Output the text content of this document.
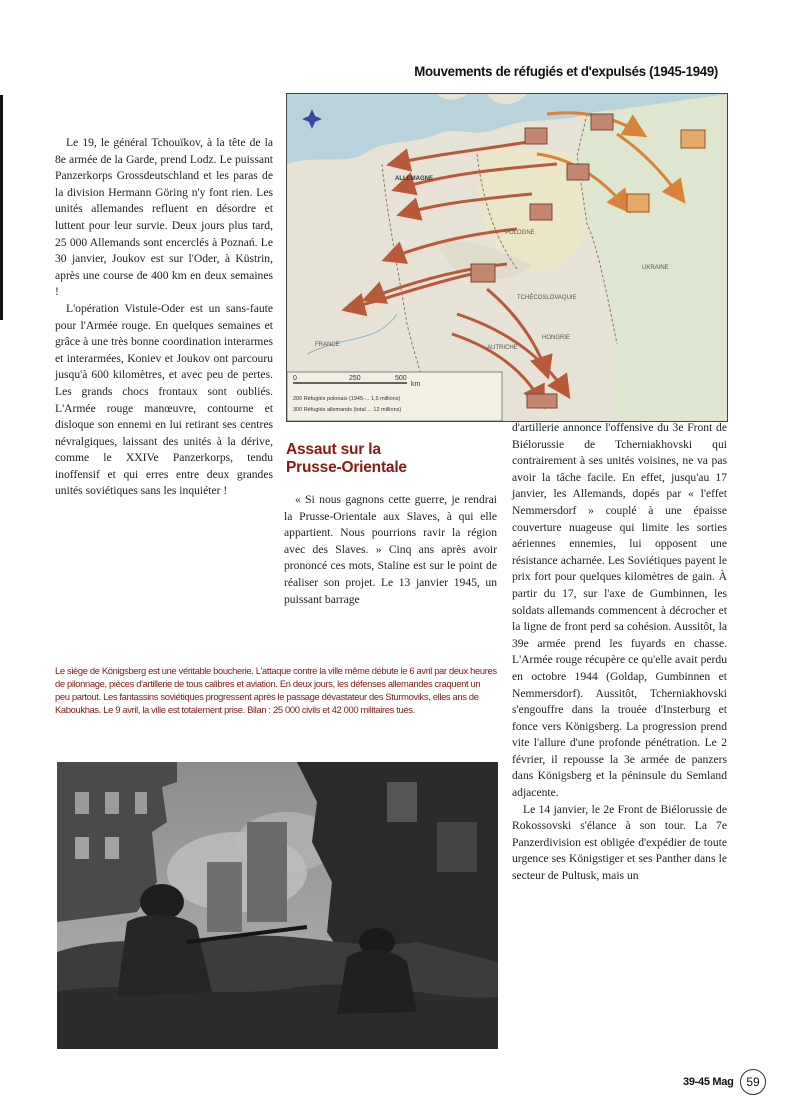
Mouvements de réfugiés et d'expulsés (1945-1949)
0	250	500
km
200 Réfugiés polonais (1945-... 1,5 millions)
300 Réfugiés allemands (total ... 12 millions)
ALLEMAGNE
POLOGNE
UKRAINE
TCHÉCOSLOVAQUIE
AUTRICHE
HONGRIE
FRANCE

Le 19, le général Tchouïkov, à la tête de la 8e armée de la Garde, prend Lodz. Le puissant Panzerkorps Grossdeutschland et les paras de la division Hermann Göring n'y font rien. Les unités allemandes refluent en désordre et luttent pour leur survie. Deux jours plus tard, 25 000 Allemands sont encerclés à Poznań. Le 30 janvier, Joukov est sur l'Oder, à Küstrin, après une course de 400 km en deux semaines !

L'opération Vistule-Oder est un sans-faute pour l'Armée rouge. En quelques semaines et grâce à une très bonne coordination interarmes et interarmées, Koniev et Joukov ont parcouru jusqu'à 600 kilomètres, et avec peu de pertes. Les grands chocs frontaux sont oubliés. L'Armée rouge manœuvre, contourne et disloque son ennemi en lui retirant ses centres névralgiques, laissant des unités à la dérive, comme le XXIVe Panzerkorps, tendu inoffensif et qui erres entre deux grandes unités soviétiques sans les inquiéter !

Assaut sur la Prusse-Orientale

« Si nous gagnons cette guerre, je rendrai la Prusse-Orientale aux Slaves, à qui elle appartient. Nous pourrions ravir la région avec des Slaves. » Cinq ans après avoir prononcé ces mots, Staline est sur le point de réaliser son projet. Le 13 janvier 1945, un puissant barrage

d'artillerie annonce l'offensive du 3e Front de Biélorussie de Tcherniakhovski qui contrairement à ses unités voisines, ne va pas avoir la tâche facile. En effet, jusqu'au 17 janvier, les Allemands, dopés par « l'effet Nemmersdorf » couplé à une épaisse couverture nuageuse qui limite les sorties aériennes ennemies, lui opposent une résistance acharnée. Les Soviétiques payent le prix fort pour quelques kilomètres de gain. À partir du 17, sur l'axe de Gumbinnen, les soldats allemands commencent à décrocher et la ligne de front perd sa cohésion. Aussitôt, la 39e armée prend les fuyards en chasse. L'Armée rouge récupère ce qu'elle avait perdu en octobre 1944 (Goldap, Gumbinnen et Nemmersdorf). Aussitôt, Tcherniakhovski s'engouffre dans la trouée d'Insterburg et fonce vers Königsberg. La progression prend vite l'allure d'une profonde pénétration. Le 2 février, il repousse la 3e armée de panzers dans Königsberg et la péninsule du Semland adjacente.

Le 14 janvier, le 2e Front de Biélorussie de Rokossovski s'élance à son tour. La 7e Panzerdivision est obligée d'expédier de toute urgence ses Königstiger et ses Panther dans le secteur de Pultusk, mais un

Le siège de Königsberg est une véritable boucherie. L'attaque contre la ville même débute le 6 avril par deux heures de pilonnage, pièces d'artillerie de tous calibres et aviation. En deux jours, les défenses allemandes craquent un peu partout. Les fantassins soviétiques progressent après le passage dévastateur des Sturmoviks, elles ans de Kaboukhas. Le 9 avril, la ville est totalement prise. Bilan : 25 000 civils et 42 000 militaires tués.
39-45 Mag	59
